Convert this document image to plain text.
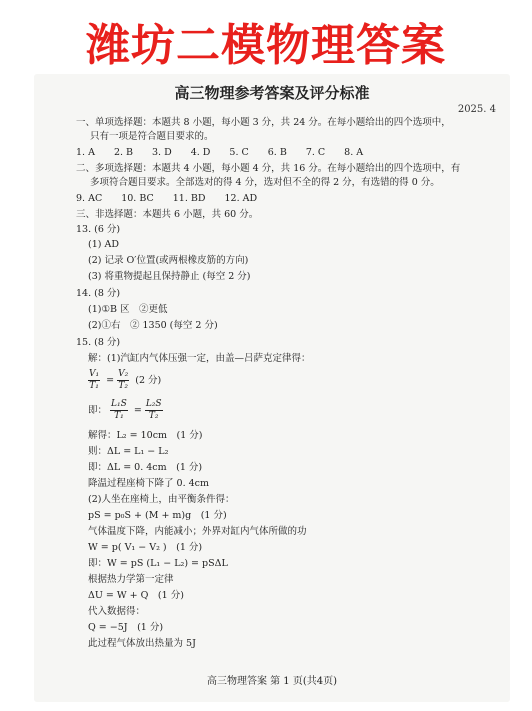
潍坊二模物理答案
高三物理参考答案及评分标准
2025. 4
一、单项选择题：本题共 8 小题，每小题 3 分，共 24 分。在每小题给出的四个选项中，
只有一项是符合题目要求的。
1. A　　2. B　　3. D　　4. D　　5. C　　6. B　　7. C　　8. A
二、多项选择题：本题共 4 小题，每小题 4 分，共 16 分。在每小题给出的四个选项中，有
多项符合题目要求。全部选对的得 4 分，选对但不全的得 2 分，有选错的得 0 分。
9. AC　　10. BC　　11. BD　　12. AD
三、非选择题：本题共 6 小题，共 60 分。
13. (6 分)
(1) AD
(2) 记录 O′位置(或两根橡皮筋的方向)
(3) 将重物提起且保持静止 (每空 2 分)
14. (8 分)
(1)①B 区　②更低
(2)①右　② 1350 (每空 2 分)
15. (8 分)
解：(1)汽缸内气体压强一定，由盖—吕萨克定律得：
$\frac{\text{V₁}}{\text{T₁}} = \frac{\text{V₂}}{\text{T₂}} (2$ 分)
即： $\frac{\text{L₁S}}{\text{T₁}} = \frac{\text{L₂S}}{\text{T₂}}$
解得：L₂ = 10cm　(1 分)
则：ΔL = L₁ − L₂
即：ΔL = 0. 4cm　(1 分)
降温过程座椅下降了 0. 4cm
(2)人坐在座椅上，由平衡条件得：
pS = p₀S + (M + m)g　(1 分)
气体温度下降，内能减小；外界对缸内气体所做的功
W = p( V₁ − V₂ )　(1 分)
即：W = pS (L₁ − L₂) = pSΔL
根据热力学第一定律
ΔU = W + Q　(1 分)
代入数据得：
Q = −5J　(1 分)
此过程气体放出热量为 5J
高三物理答案 第 1 页(共4页)
